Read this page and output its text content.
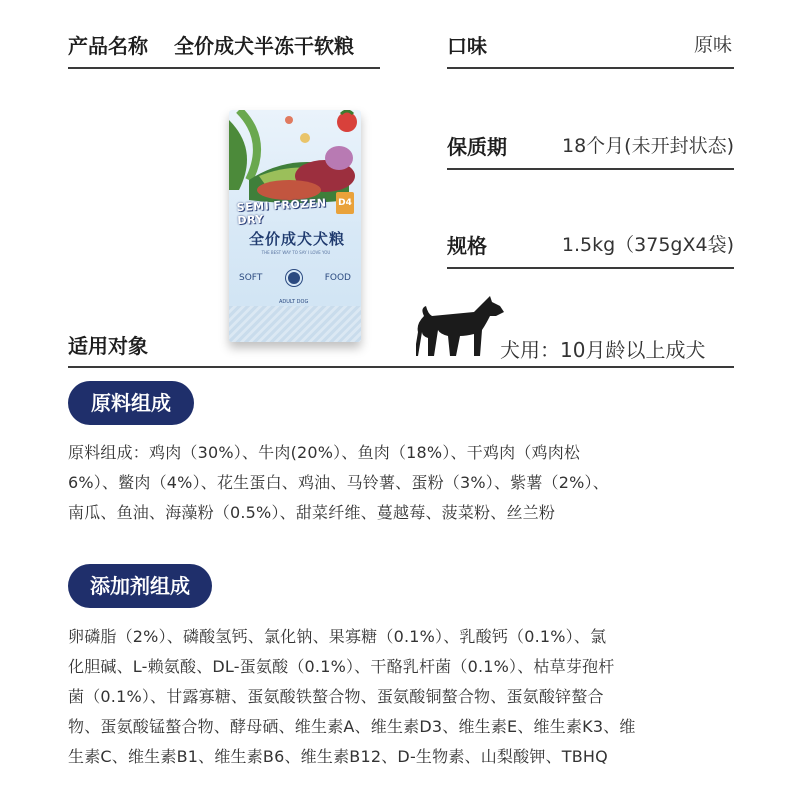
产品名称 全价成犬半冻干软粮	口味	原味
保质期	18个月(未开封状态)
规格	1.5kg（375gX4袋)
SEMI FROZEN DRY
D4
全价成犬犬粮
THE BEST WAY TO SAY I LOVE YOU
SOFT	FOOD
ADULT DOG
适用对象	犬用：10月龄以上成犬
原料组成
原料组成：鸡肉（30%）、牛肉(20%）、鱼肉（18%）、干鸡肉（鸡肉松
6%）、鳖肉（4%）、花生蛋白、鸡油、马铃薯、蛋粉（3%）、紫薯（2%）、
南瓜、鱼油、海藻粉（0.5%）、甜菜纤维、蔓越莓、菠菜粉、丝兰粉
添加剂组成
卵磷脂（2%）、磷酸氢钙、氯化钠、果寡糖（0.1%）、乳酸钙（0.1%）、氯
化胆碱、L-赖氨酸、DL-蛋氨酸（0.1%）、干酪乳杆菌（0.1%）、枯草芽孢杆
菌（0.1%）、甘露寡糖、蛋氨酸铁螯合物、蛋氨酸铜螯合物、蛋氨酸锌螯合
物、蛋氨酸锰螯合物、酵母硒、维生素A、维生素D3、维生素E、维生素K3、维
生素C、维生素B1、维生素B6、维生素B12、D-生物素、山梨酸钾、TBHQ
